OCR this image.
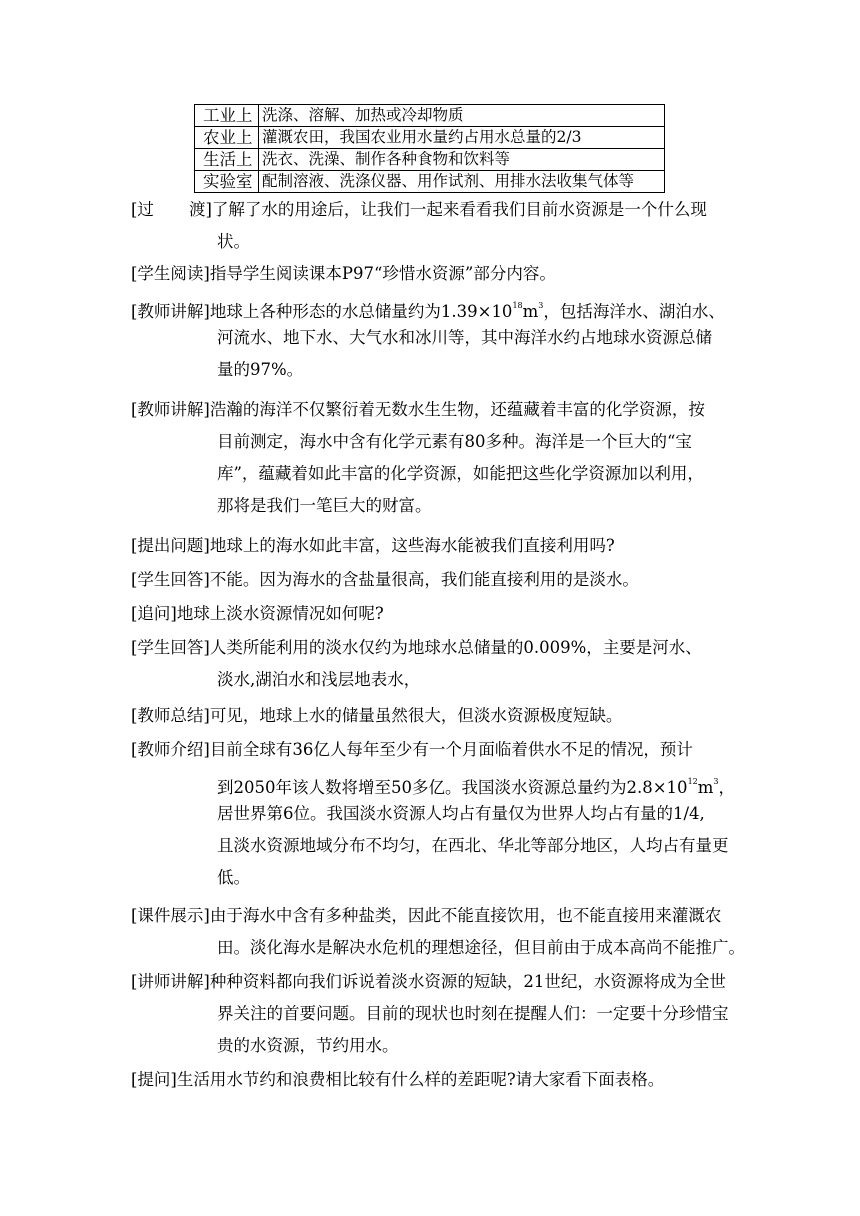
工业上	洗涤、溶解、加热或冷却物质
农业上	灌溉农田，我国农业用水量约占用水总量的2/3
生活上	洗衣、洗澡、制作各种食物和饮料等
实验室	配制溶液、洗涤仪器、用作试剂、用排水法收集气体等
[过 渡]了解了水的用途后，让我们一起来看看我们目前水资源是一个什么现
状。
[学生阅读]指导学生阅读课本P97“珍惜水资源”部分内容。
[教师讲解]地球上各种形态的水总储量约为$1.39\times 10^{18}m^3$，包括海洋水、湖泊水、
河流水、地下水、大气水和冰川等，其中海洋水约占地球水资源总储
量的97%。
[教师讲解]浩瀚的海洋不仅繁衍着无数水生生物，还蕴藏着丰富的化学资源，按
目前测定，海水中含有化学元素有80多种。海洋是一个巨大的“宝
库”，蕴藏着如此丰富的化学资源，如能把这些化学资源加以利用，
那将是我们一笔巨大的财富。
[提出问题]地球上的海水如此丰富，这些海水能被我们直接利用吗?
[学生回答]不能。因为海水的含盐量很高，我们能直接利用的是淡水。
[追问]地球上淡水资源情况如何呢?
[学生回答]人类所能利用的淡水仅约为地球水总储量的0.009%，主要是河水、
淡水,湖泊水和浅层地表水，
[教师总结]可见，地球上水的储量虽然很大，但淡水资源极度短缺。
[教师介绍]目前全球有36亿人每年至少有一个月面临着供水不足的情况，预计
到2050年该人数将增至50多亿。我国淡水资源总量约为$2.8\times 10^{12}m^3$，
居世界第6位。我国淡水资源人均占有量仅为世界人均占有量的1/4,
且淡水资源地域分布不均匀，在西北、华北等部分地区，人均占有量更
低。
[课件展示]由于海水中含有多种盐类，因此不能直接饮用，也不能直接用来灌溉农
田。淡化海水是解决水危机的理想途径，但目前由于成本高尚不能推广。
[讲师讲解]种种资料都向我们诉说着淡水资源的短缺，21世纪，水资源将成为全世
界关注的首要问题。目前的现状也时刻在提醒人们：一定要十分珍惜宝
贵的水资源，节约用水。
[提问]生活用水节约和浪费相比较有什么样的差距呢?请大家看下面表格。
